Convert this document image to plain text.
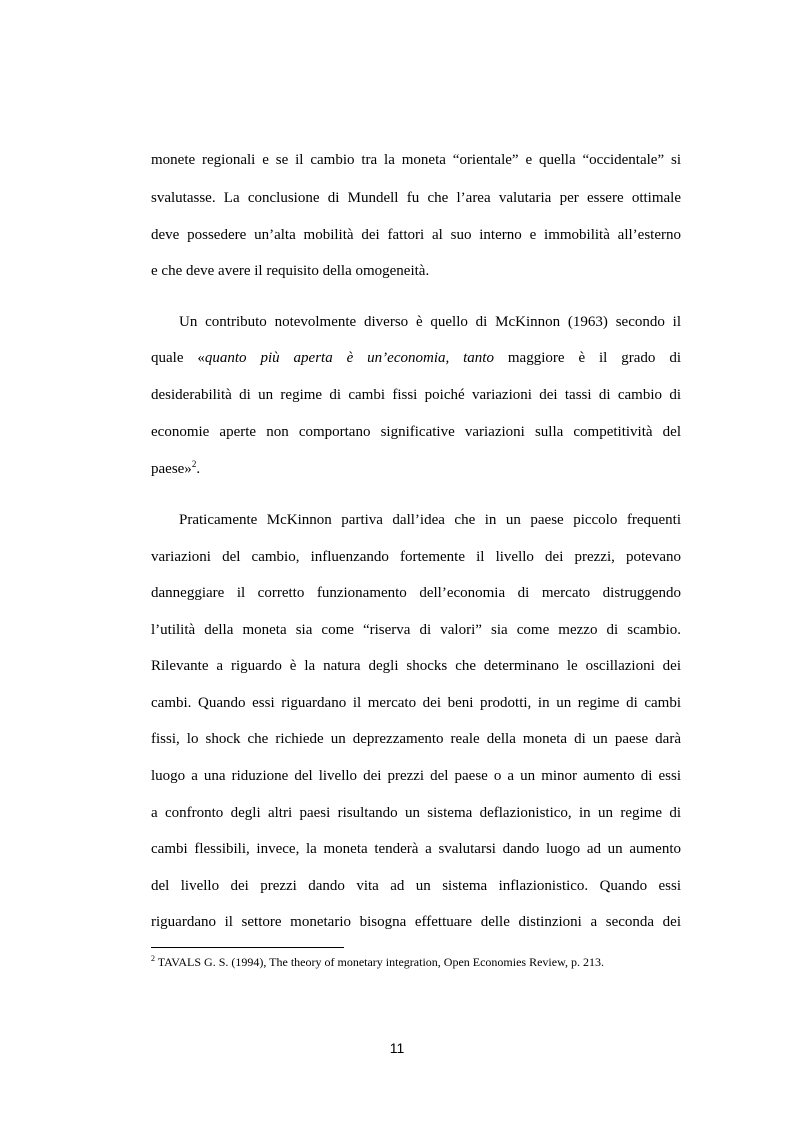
monete regionali e se il cambio tra la moneta “orientale” e quella “occidentale” si
svalutasse. La conclusione di Mundell fu che l’area valutaria per essere ottimale
deve possedere un’alta mobilità dei fattori al suo interno e immobilità all’esterno
e che deve avere il requisito della omogeneità.
Un contributo notevolmente diverso è quello di McKinnon (1963) secondo il
quale «quanto più aperta è un’economia, tanto maggiore è il grado di
desiderabilità di un regime di cambi fissi poiché variazioni dei tassi di cambio di
economie aperte non comportano significative variazioni sulla competitività del
paese»$^2$.
Praticamente McKinnon partiva dall’idea che in un paese piccolo frequenti
variazioni del cambio, influenzando fortemente il livello dei prezzi, potevano
danneggiare il corretto funzionamento dell’economia di mercato distruggendo
l’utilità della moneta sia come “riserva di valori” sia come mezzo di scambio.
Rilevante a riguardo è la natura degli shocks che determinano le oscillazioni dei
cambi. Quando essi riguardano il mercato dei beni prodotti, in un regime di cambi
fissi, lo shock che richiede un deprezzamento reale della moneta di un paese darà
luogo a una riduzione del livello dei prezzi del paese o a un minor aumento di essi
a confronto degli altri paesi risultando un sistema deflazionistico, in un regime di
cambi flessibili, invece, la moneta tenderà a svalutarsi dando luogo ad un aumento
del livello dei prezzi dando vita ad un sistema inflazionistico. Quando essi
riguardano il settore monetario bisogna effettuare delle distinzioni a seconda dei
$^2$ TAVALS G. S. (1994), The theory of monetary integration, Open Economies Review, p. 213.
11
